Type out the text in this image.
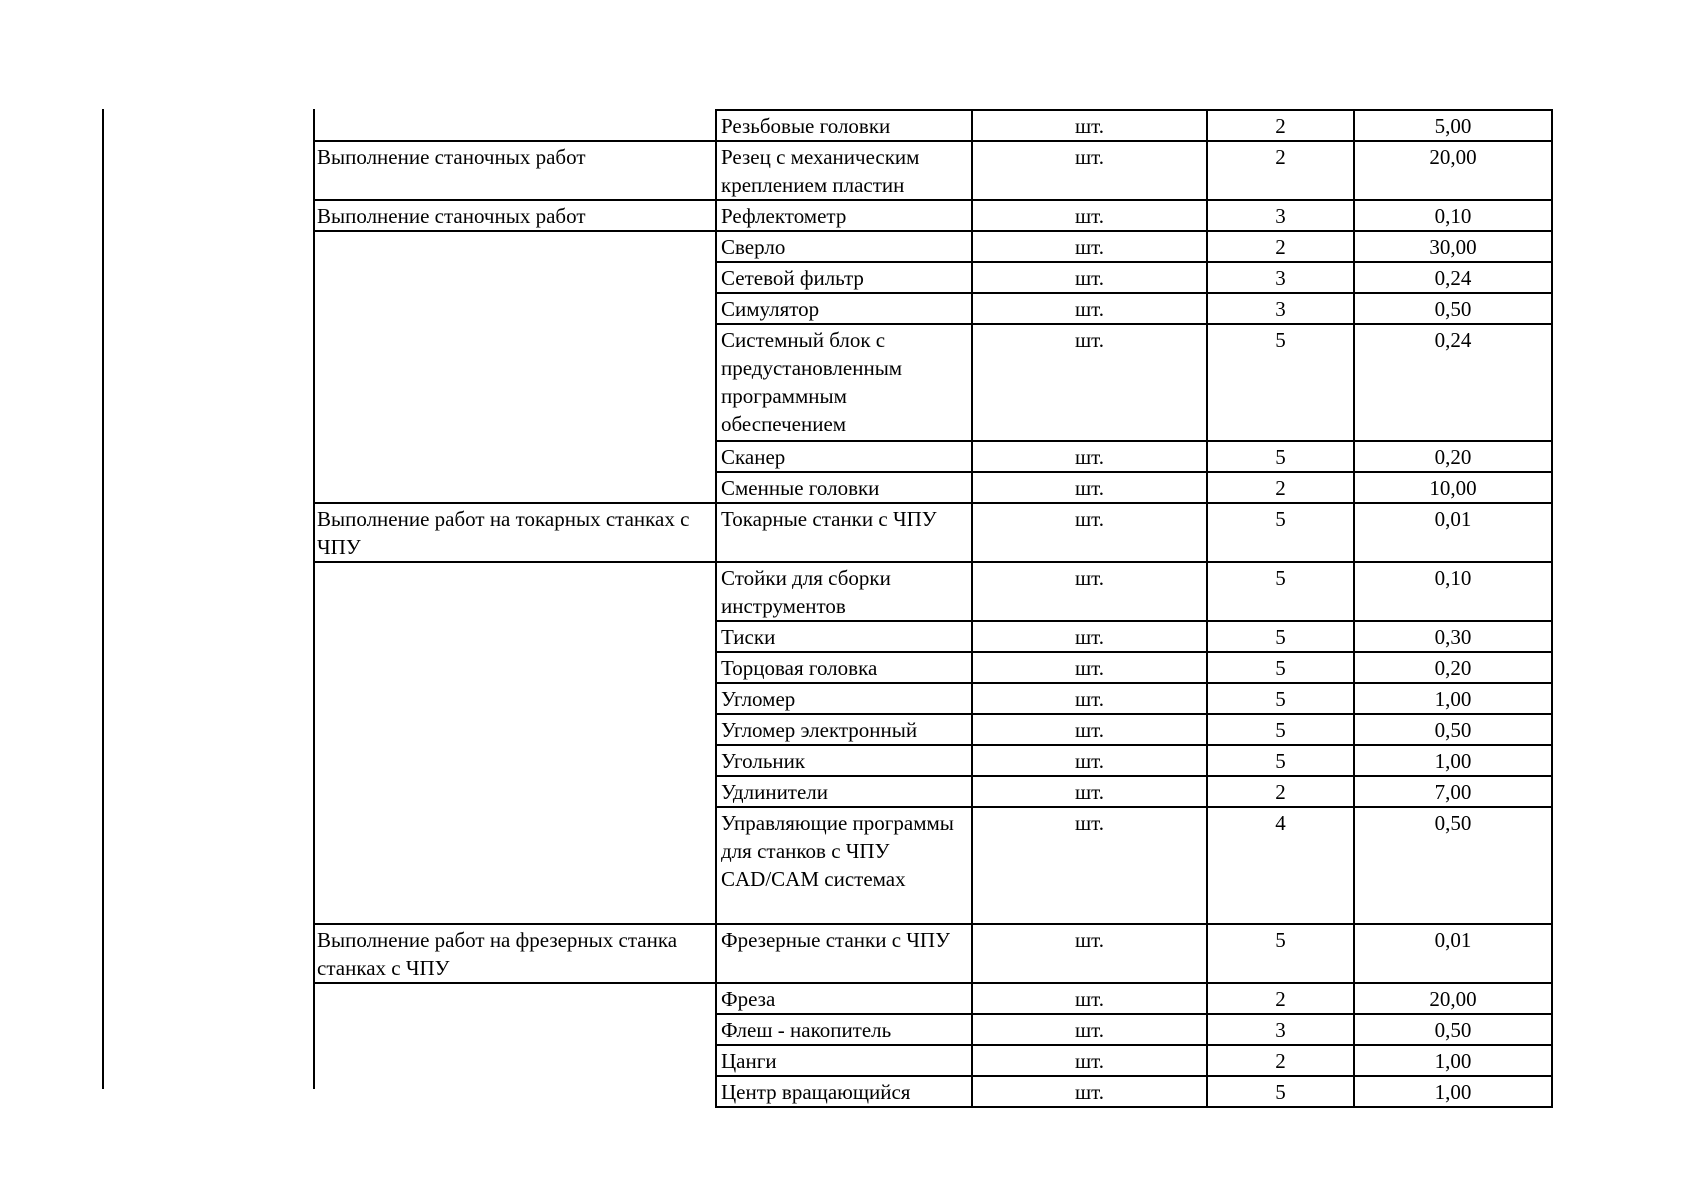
	Резьбовые головки	шт.	2	5,00
Выполнение станочных работ	Резец с механическим креплением пластин	шт.	2	20,00
Выполнение станочных работ	Рефлектометр	шт.	3	0,10
	Сверло	шт.	2	30,00
	Сетевой фильтр	шт.	3	0,24
	Симулятор	шт.	3	0,50
	Системный блок с предустановленным программным обеспечением	шт.	5	0,24
	Сканер	шт.	5	0,20
	Сменные головки	шт.	2	10,00
Выполнение работ на токарных станках с ЧПУ	Токарные станки с ЧПУ	шт.	5	0,01
	Стойки для сборки инструментов	шт.	5	0,10
	Тиски	шт.	5	0,30
	Торцовая головка	шт.	5	0,20
	Угломер	шт.	5	1,00
	Угломер электронный	шт.	5	0,50
	Угольник	шт.	5	1,00
	Удлинители	шт.	2	7,00
	Управляющие программы для станков с ЧПУ CAD/CAM системах	шт.	4	0,50
Выполнение работ на фрезерных станка станках с ЧПУ	Фрезерные станки с ЧПУ	шт.	5	0,01
	Фреза	шт.	2	20,00
	Флеш - накопитель	шт.	3	0,50
	Цанги	шт.	2	1,00
	Центр вращающийся	шт.	5	1,00
